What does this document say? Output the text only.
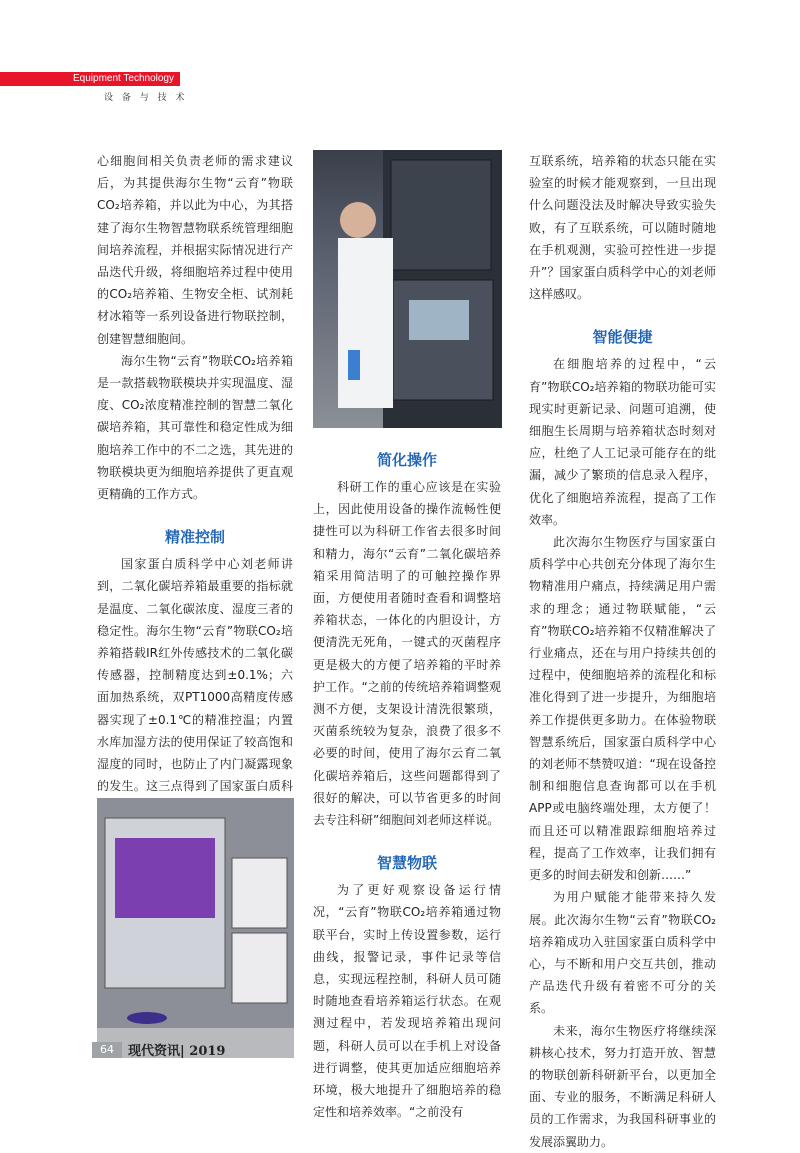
Equipment Technology
设 备 与 技 术

心细胞间相关负责老师的需求建议后，为其提供海尔生物“云育”物联CO₂培养箱，并以此为中心，为其搭建了海尔生物智慧物联系统管理细胞间培养流程，并根据实际情况进行产品迭代升级，将细胞培养过程中使用的CO₂培养箱、生物安全柜、试剂耗材冰箱等一系列设备进行物联控制，创建智慧细胞间。

海尔生物“云育”物联CO₂培养箱是一款搭载物联模块并实现温度、湿度、CO₂浓度精准控制的智慧二氧化碳培养箱，其可靠性和稳定性成为细胞培养工作中的不二之选，其先进的物联模块更为细胞培养提供了更直观更精确的工作方式。

精准控制

国家蛋白质科学中心刘老师讲到，二氧化碳培养箱最重要的指标就是温度、二氧化碳浓度、湿度三者的稳定性。海尔生物“云育”物联CO₂培养箱搭载IR红外传感技术的二氧化碳传感器，控制精度达到±0.1%；六面加热系统，双PT1000高精度传感器实现了±0.1℃的精准控温；内置水库加湿方法的使用保证了较高饱和湿度的同时，也防止了内门凝露现象的发生。这三点得到了国家蛋白质科

简化操作

科研工作的重心应该是在实验上，因此使用设备的操作流畅性便捷性可以为科研工作省去很多时间和精力，海尔“云育”二氧化碳培养箱采用简洁明了的可触控操作界面，方便使用者随时查看和调整培养箱状态，一体化的内胆设计，方便清洗无死角，一键式的灭菌程序更是极大的方便了培养箱的平时养护工作。“之前的传统培养箱调整观测不方便，支架设计清洗很繁琐，灭菌系统较为复杂，浪费了很多不必要的时间，使用了海尔云育二氧化碳培养箱后，这些问题都得到了很好的解决，可以节省更多的时间去专注科研”细胞间刘老师这样说。

智慧物联

为了更好观察设备运行情况，“云育”物联CO₂培养箱通过物联平台，实时上传设置参数，运行曲线，报警记录，事件记录等信息，实现远程控制，科研人员可随时随地查看培养箱运行状态。在观测过程中，若发现培养箱出现问题，科研人员可以在手机上对设备进行调整，使其更加适应细胞培养环境，极大地提升了细胞培养的稳定性和培养效率。“之前没有

互联系统，培养箱的状态只能在实验室的时候才能观察到，一旦出现什么问题没法及时解决导致实验失败，有了互联系统，可以随时随地在手机观测，实验可控性进一步提升”？国家蛋白质科学中心的刘老师这样感叹。

智能便捷

在细胞培养的过程中，“云育”物联CO₂培养箱的物联功能可实现实时更新记录、问题可追溯，使细胞生长周期与培养箱状态时刻对应，杜绝了人工记录可能存在的纰漏，减少了繁琐的信息录入程序，优化了细胞培养流程，提高了工作效率。

此次海尔生物医疗与国家蛋白质科学中心共创充分体现了海尔生物精准用户痛点，持续满足用户需求的理念；通过物联赋能，“云育”物联CO₂培养箱不仅精准解决了行业痛点，还在与用户持续共创的过程中，使细胞培养的流程化和标准化得到了进一步提升，为细胞培养工作提供更多助力。在体验物联智慧系统后，国家蛋白质科学中心的刘老师不禁赞叹道：“现在设备控制和细胞信息查询都可以在手机APP或电脑终端处理，太方便了！而且还可以精准跟踪细胞培养过程，提高了工作效率，让我们拥有更多的时间去研发和创新……”

为用户赋能才能带来持久发展。此次海尔生物“云育”物联CO₂培养箱成功入驻国家蛋白质科学中心，与不断和用户交互共创，推动产品迭代升级有着密不可分的关系。

未来，海尔生物医疗将继续深耕核心技术，努力打造开放、智慧的物联创新科研新平台，以更加全面、专业的服务，不断满足科研人员的工作需求，为我国科研事业的发展添翼助力。

64	现代资讯| 2019
